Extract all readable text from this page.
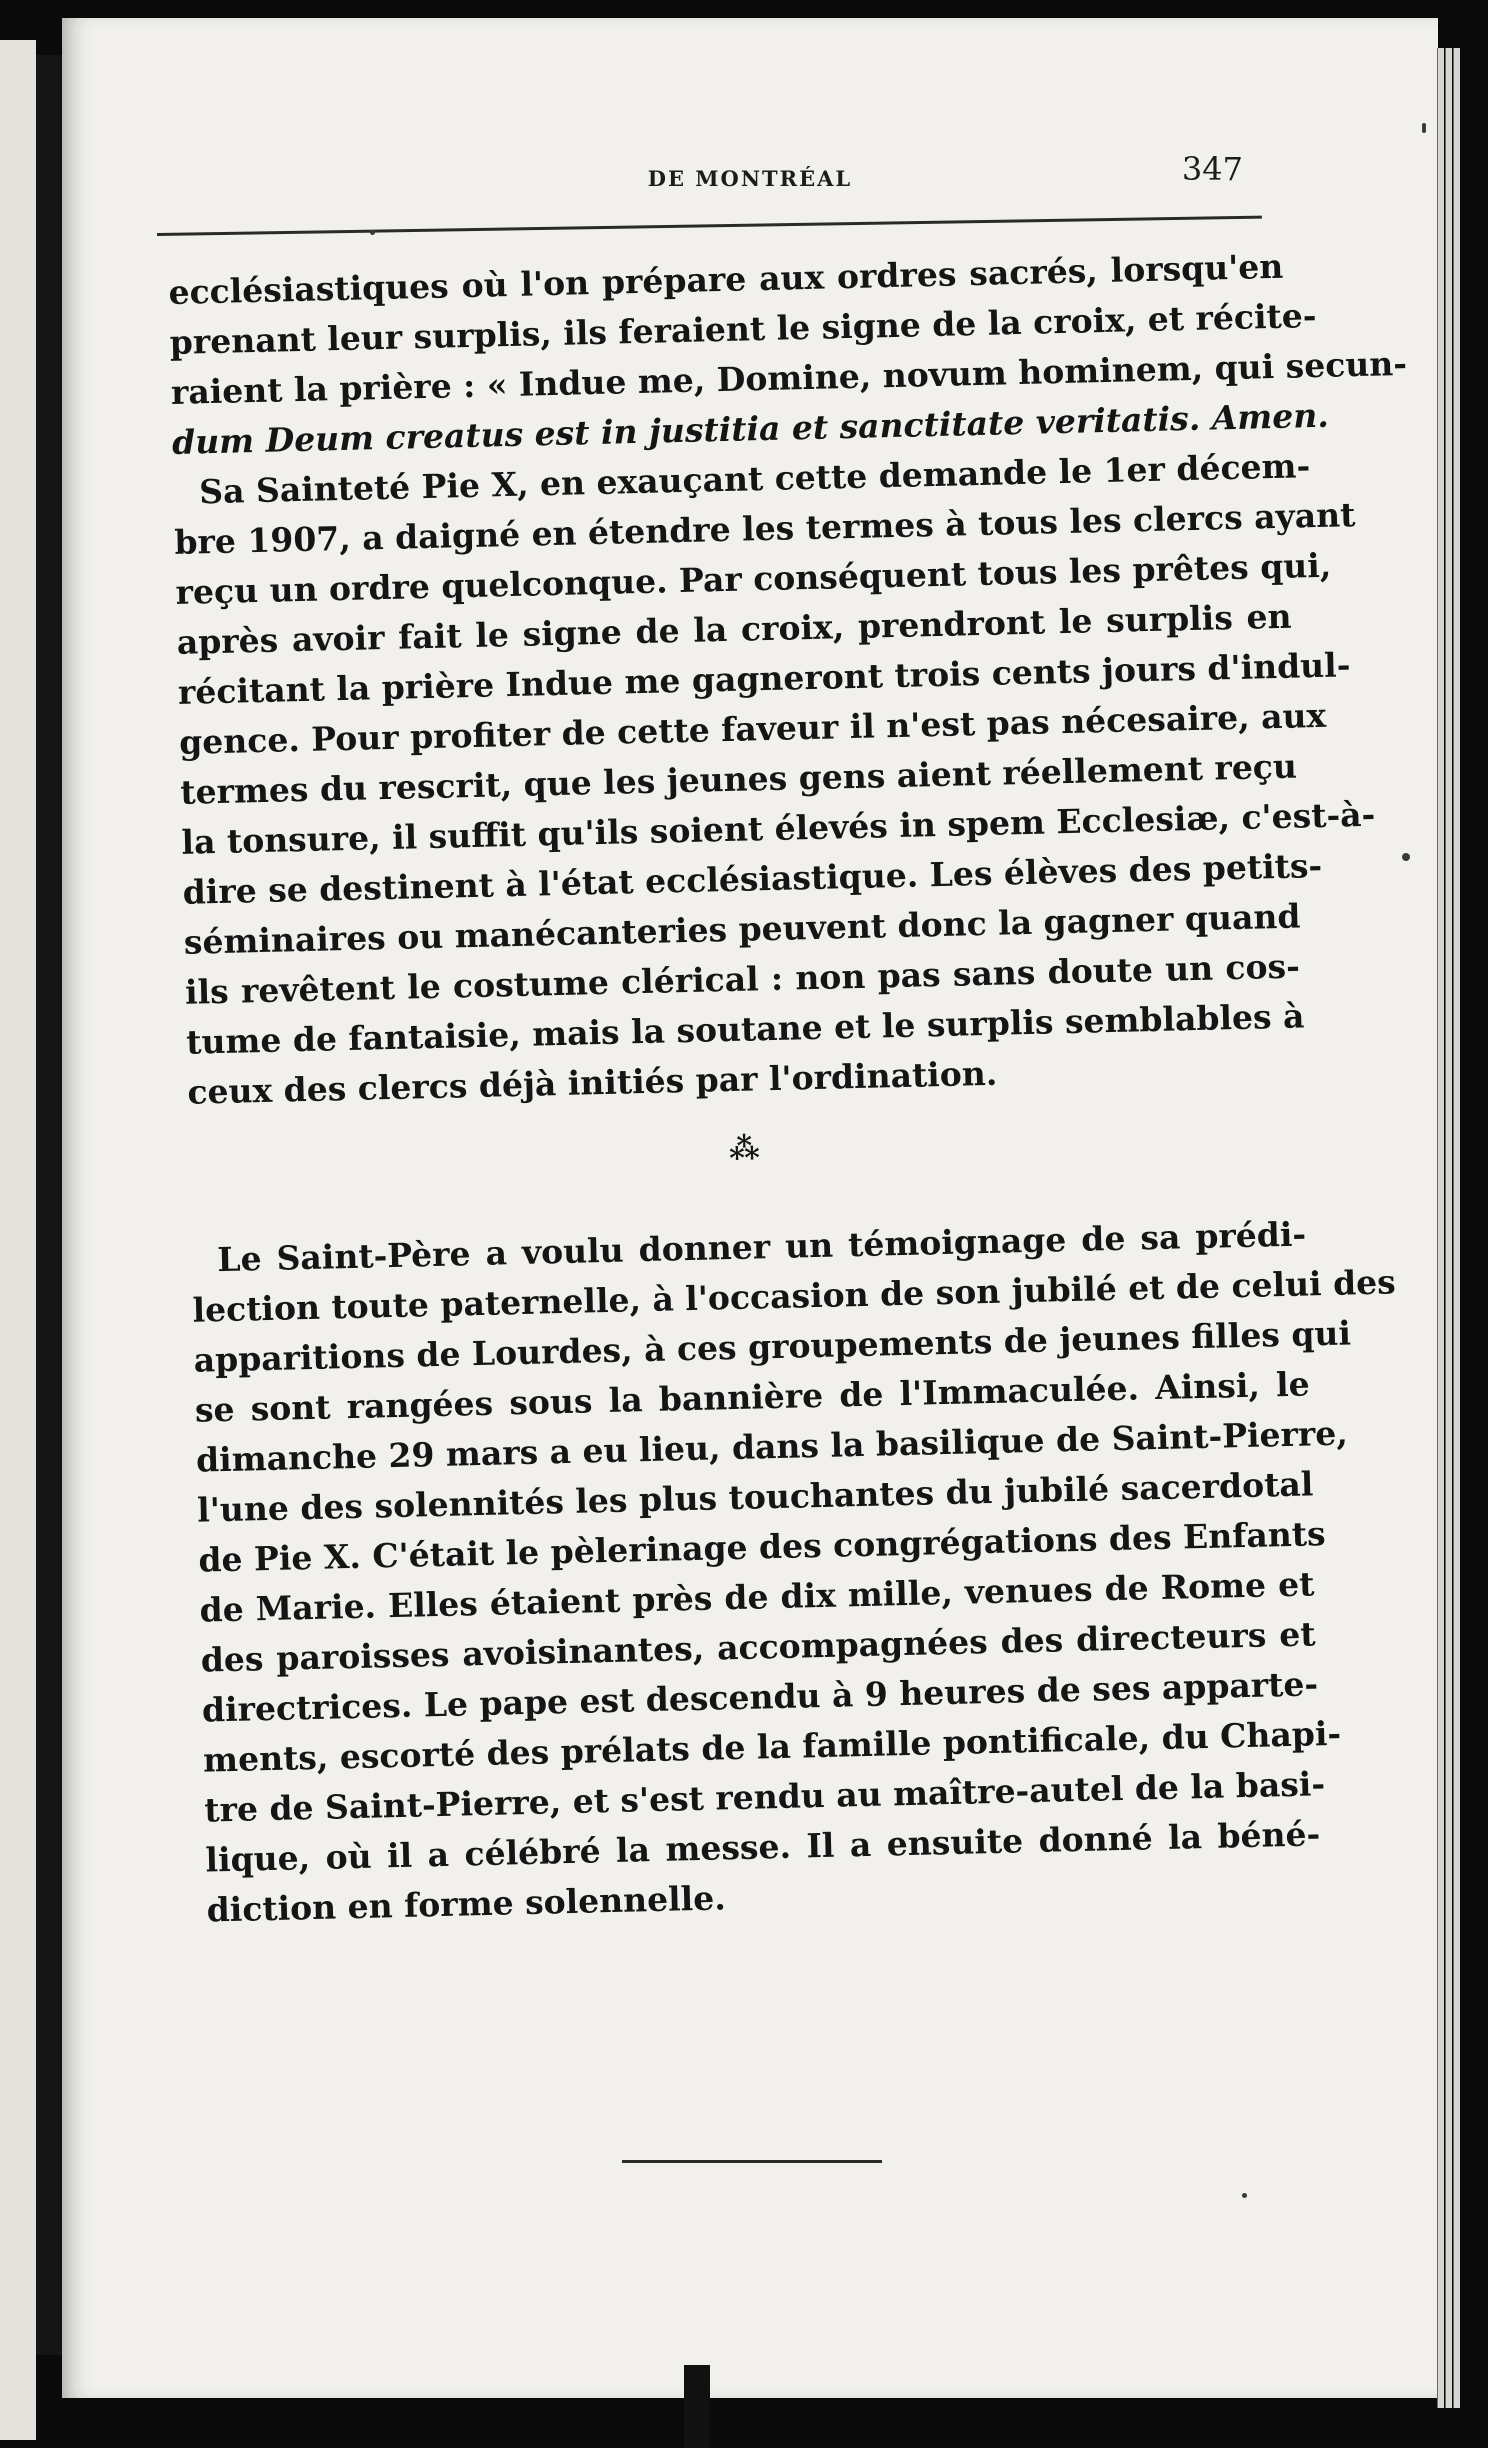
DE MONTRÉAL	347
ecclésiastiques où l'on prépare aux ordres sacrés, lorsqu'en
prenant leur surplis, ils feraient le signe de la croix, et récite-
raient la prière : « Indue me, Domine, novum hominem, qui secun-
dum Deum creatus est in justitia et sanctitate veritatis. Amen.
Sa Sainteté Pie X, en exauçant cette demande le 1er décem-
bre 1907, a daigné en étendre les termes à tous les clercs ayant
reçu un ordre quelconque. Par conséquent tous les prêtes qui,
après avoir fait le signe de la croix, prendront le surplis en
récitant la prière Indue me gagneront trois cents jours d'indul-
gence. Pour profiter de cette faveur il n'est pas nécesaire, aux
termes du rescrit, que les jeunes gens aient réellement reçu
la tonsure, il suffit qu'ils soient élevés in spem Ecclesiæ, c'est-à-
dire se destinent à l'état ecclésiastique. Les élèves des petits-
séminaires ou manécanteries peuvent donc la gagner quand
ils revêtent le costume clérical : non pas sans doute un cos-
tume de fantaisie, mais la soutane et le surplis semblables à
ceux des clercs déjà initiés par l'ordination.
⁂
Le Saint-Père a voulu donner un témoignage de sa prédi-
lection toute paternelle, à l'occasion de son jubilé et de celui des
apparitions de Lourdes, à ces groupements de jeunes filles qui
se sont rangées sous la bannière de l'Immaculée. Ainsi, le
dimanche 29 mars a eu lieu, dans la basilique de Saint-Pierre,
l'une des solennités les plus touchantes du jubilé sacerdotal
de Pie X. C'était le pèlerinage des congrégations des Enfants
de Marie. Elles étaient près de dix mille, venues de Rome et
des paroisses avoisinantes, accompagnées des directeurs et
directrices. Le pape est descendu à 9 heures de ses apparte-
ments, escorté des prélats de la famille pontificale, du Chapi-
tre de Saint-Pierre, et s'est rendu au maître-autel de la basi-
lique, où il a célébré la messe. Il a ensuite donné la béné-
diction en forme solennelle.
